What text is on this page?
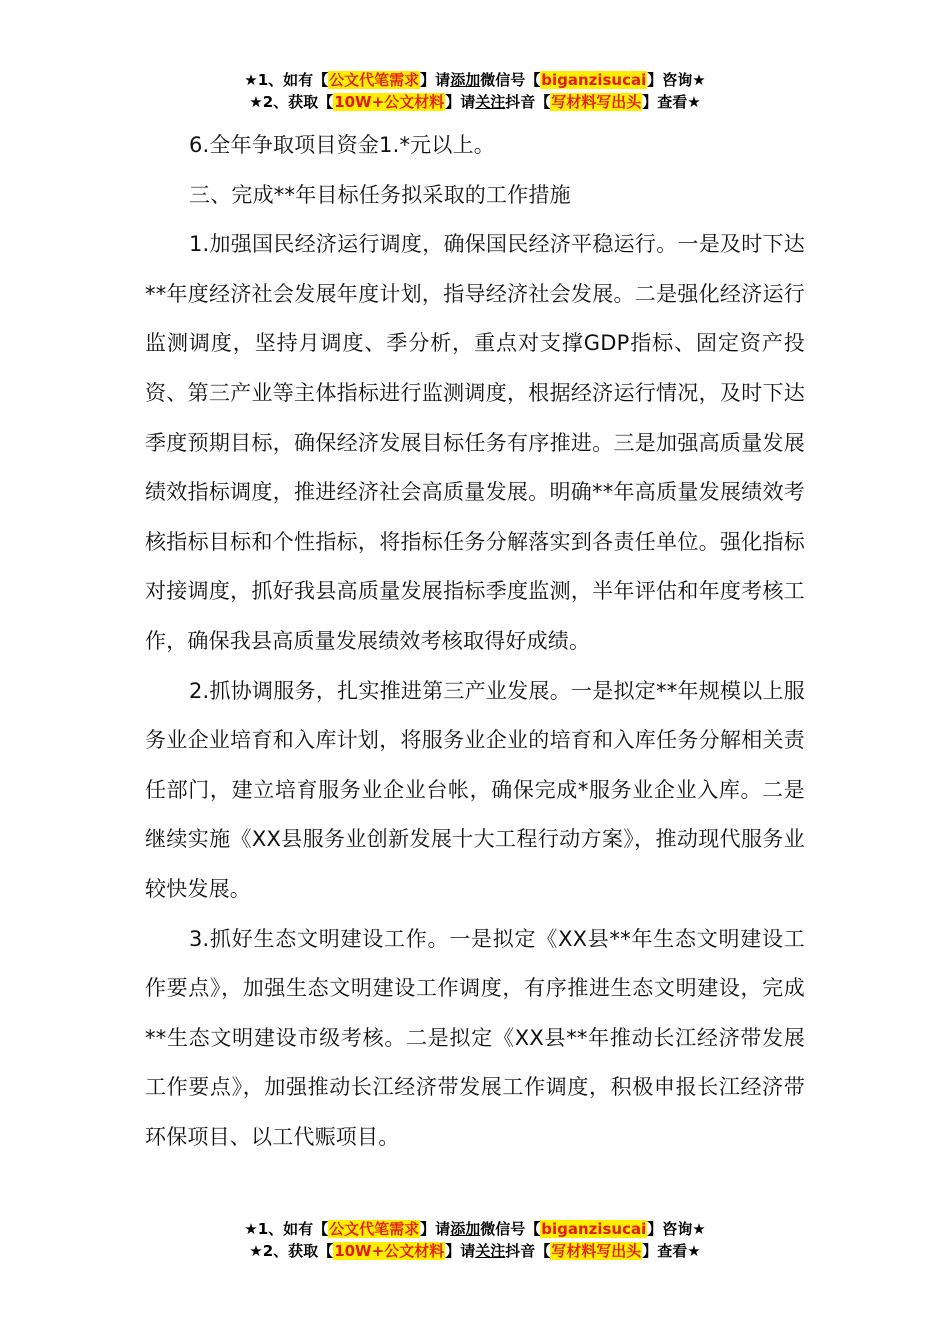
★1、如有【公文代笔需求】请添加微信号【biganzisucai】咨询★
★2、获取【10W+公文材料】请关注抖音【写材料写出头】查看★

6.全年争取项目资金1.*元以上。

三、完成**年目标任务拟采取的工作措施

1.加强国民经济运行调度，确保国民经济平稳运行。一是及时下达**年度经济社会发展年度计划，指导经济社会发展。二是强化经济运行监测调度，坚持月调度、季分析，重点对支撑GDP指标、固定资产投资、第三产业等主体指标进行监测调度，根据经济运行情况，及时下达季度预期目标，确保经济发展目标任务有序推进。三是加强高质量发展绩效指标调度，推进经济社会高质量发展。明确**年高质量发展绩效考核指标目标和个性指标，将指标任务分解落实到各责任单位。强化指标对接调度，抓好我县高质量发展指标季度监测，半年评估和年度考核工作，确保我县高质量发展绩效考核取得好成绩。

2.抓协调服务，扎实推进第三产业发展。一是拟定**年规模以上服务业企业培育和入库计划，将服务业企业的培育和入库任务分解相关责任部门，建立培育服务业企业台帐，确保完成*服务业企业入库。二是继续实施《XX县服务业创新发展十大工程行动方案》，推动现代服务业较快发展。

3.抓好生态文明建设工作。一是拟定《XX县**年生态文明建设工作要点》，加强生态文明建设工作调度，有序推进生态文明建设，完成**生态文明建设市级考核。二是拟定《XX县**年推动长江经济带发展工作要点》，加强推动长江经济带发展工作调度，积极申报长江经济带环保项目、以工代赈项目。

★1、如有【公文代笔需求】请添加微信号【biganzisucai】咨询★
★2、获取【10W+公文材料】请关注抖音【写材料写出头】查看★
